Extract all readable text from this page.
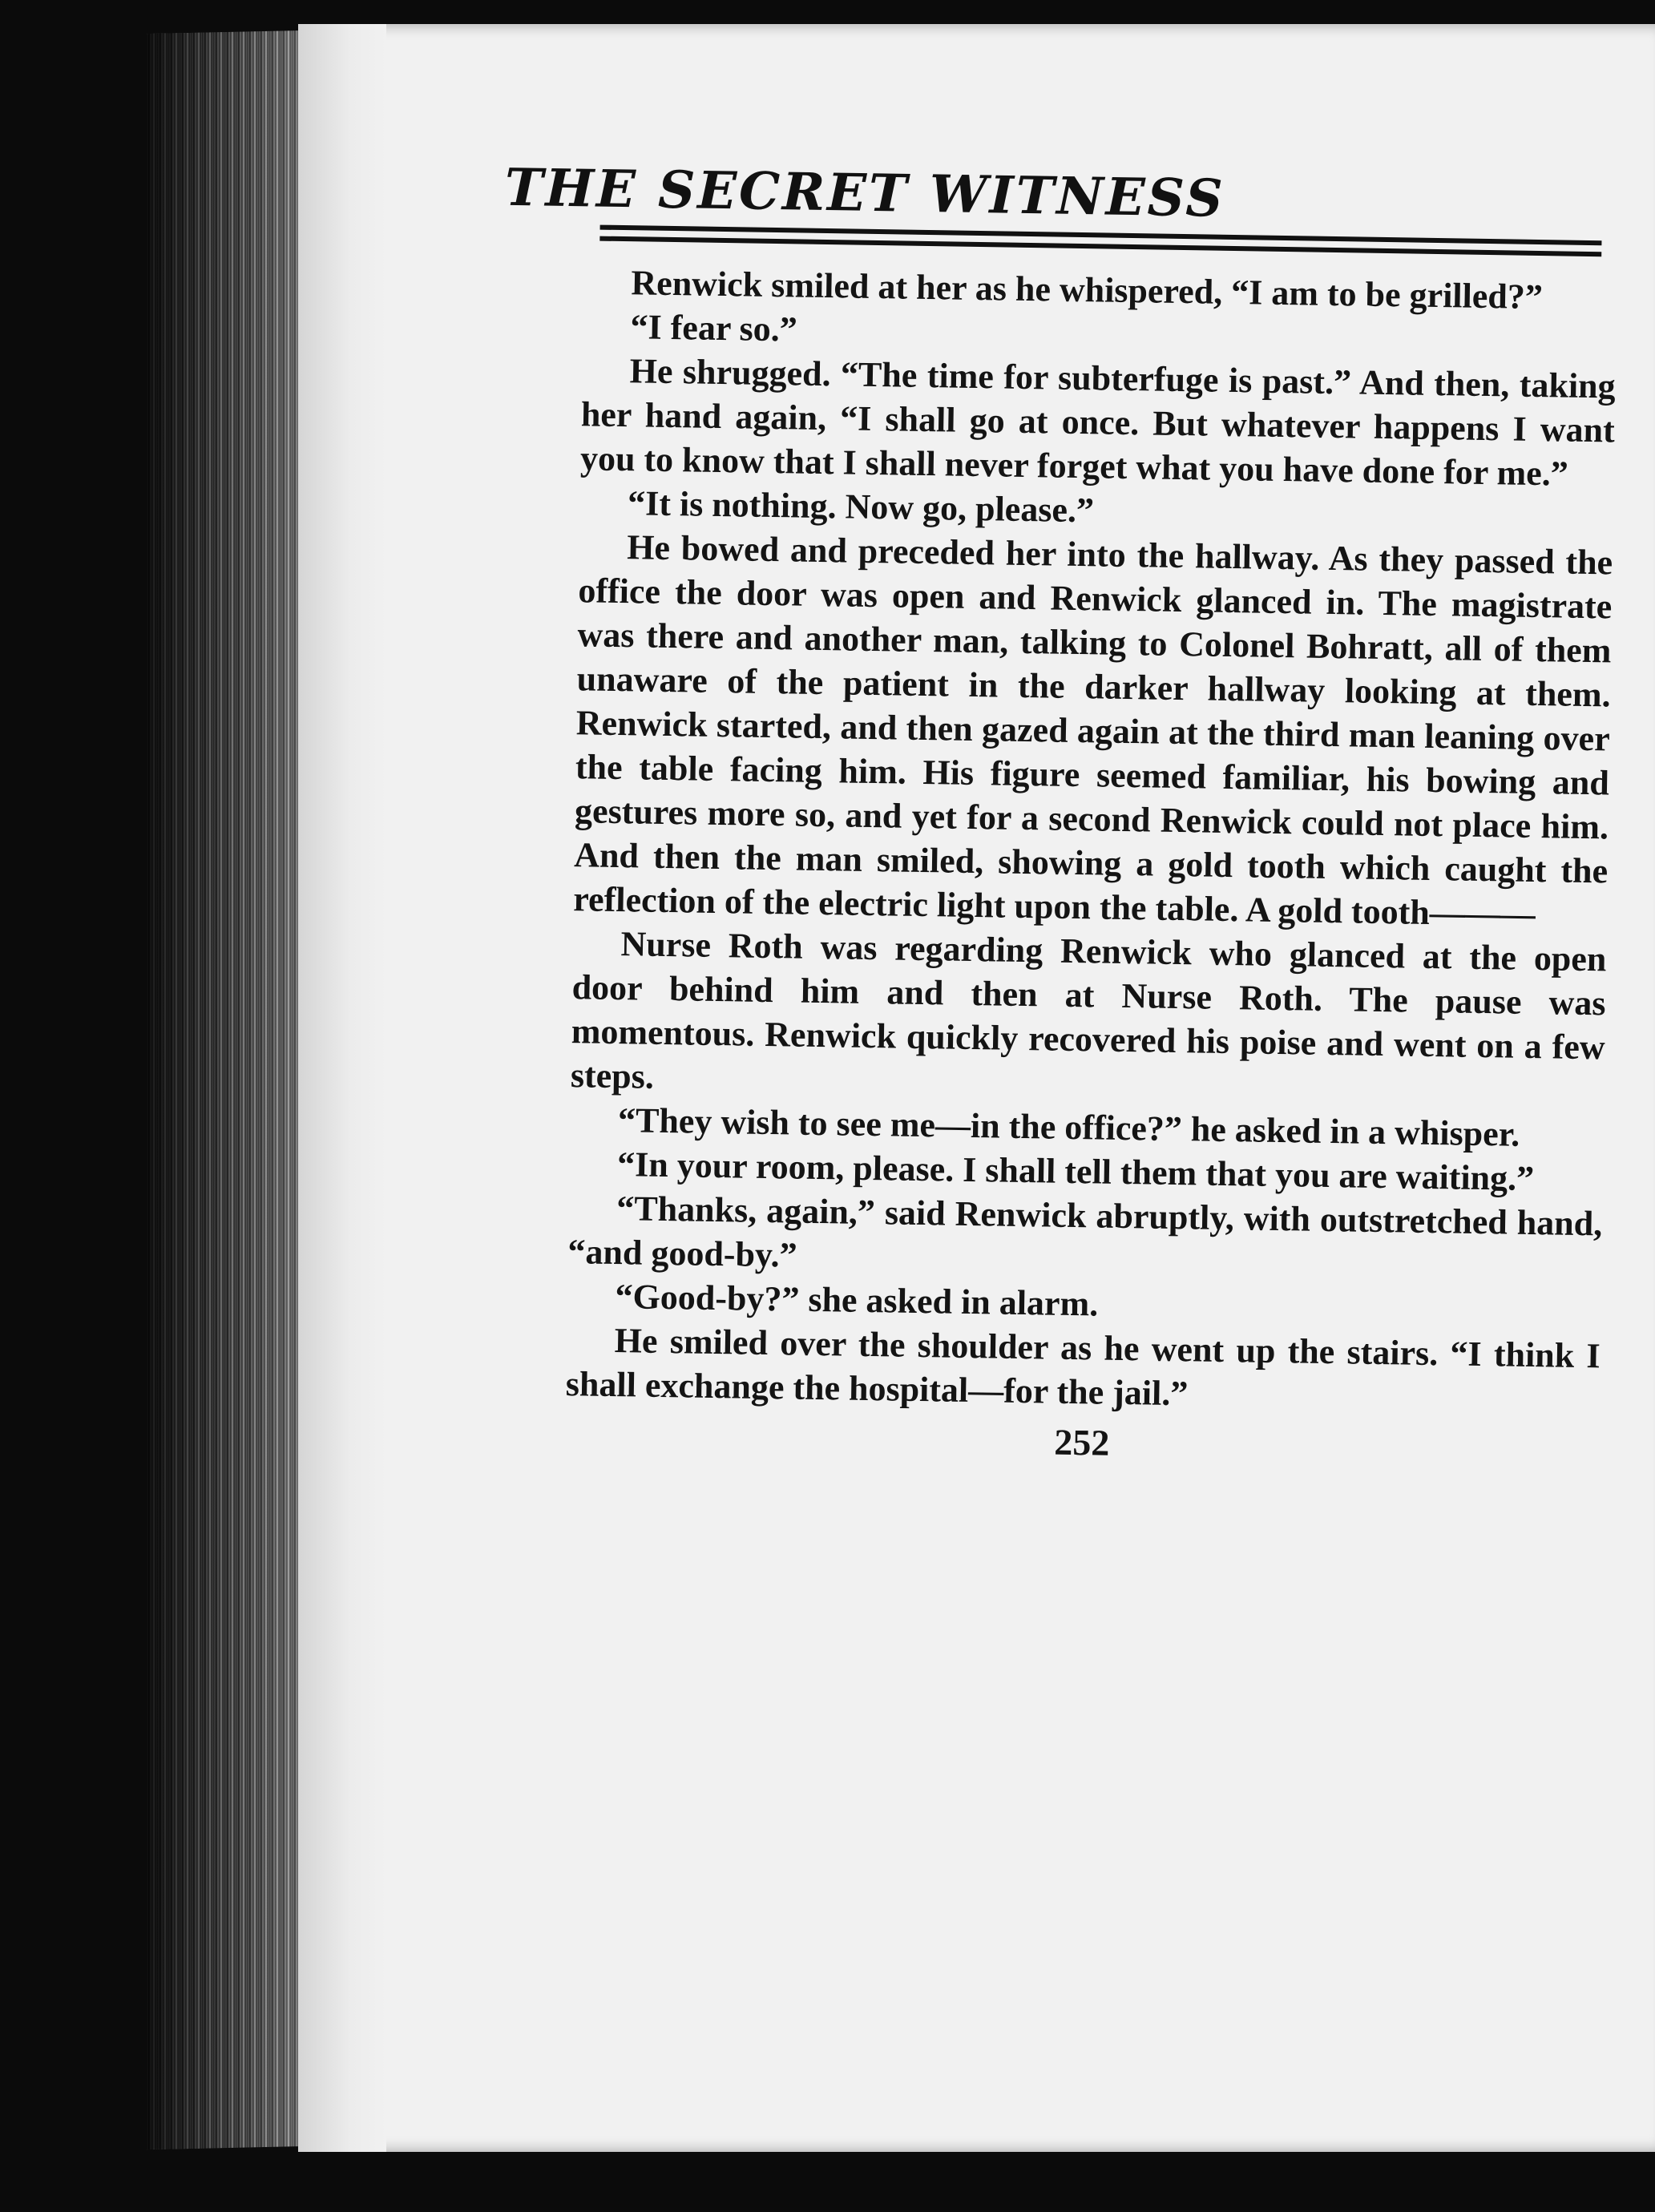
THE SECRET WITNESS

Renwick smiled at her as he whispered, “I am to be grilled?”

“I fear so.”

He shrugged. “The time for subterfuge is past.” And then, taking her hand again, “I shall go at once. But whatever happens I want you to know that I shall never forget what you have done for me.”

“It is nothing. Now go, please.”

He bowed and preceded her into the hallway. As they passed the office the door was open and Renwick glanced in. The magistrate was there and another man, talking to Colonel Bohratt, all of them unaware of the patient in the darker hallway looking at them. Renwick started, and then gazed again at the third man leaning over the table facing him. His figure seemed familiar, his bowing and gestures more so, and yet for a second Renwick could not place him. And then the man smiled, showing a gold tooth which caught the reflection of the electric light upon the table. A gold tooth———

Nurse Roth was regarding Renwick who glanced at the open door behind him and then at Nurse Roth. The pause was momentous. Renwick quickly recovered his poise and went on a few steps.

“They wish to see me—in the office?” he asked in a whisper.

“In your room, please. I shall tell them that you are waiting.”

“Thanks, again,” said Renwick abruptly, with outstretched hand, “and good-by.”

“Good-by?” she asked in alarm.

He smiled over the shoulder as he went up the stairs. “I think I shall exchange the hospital—for the jail.”

252
